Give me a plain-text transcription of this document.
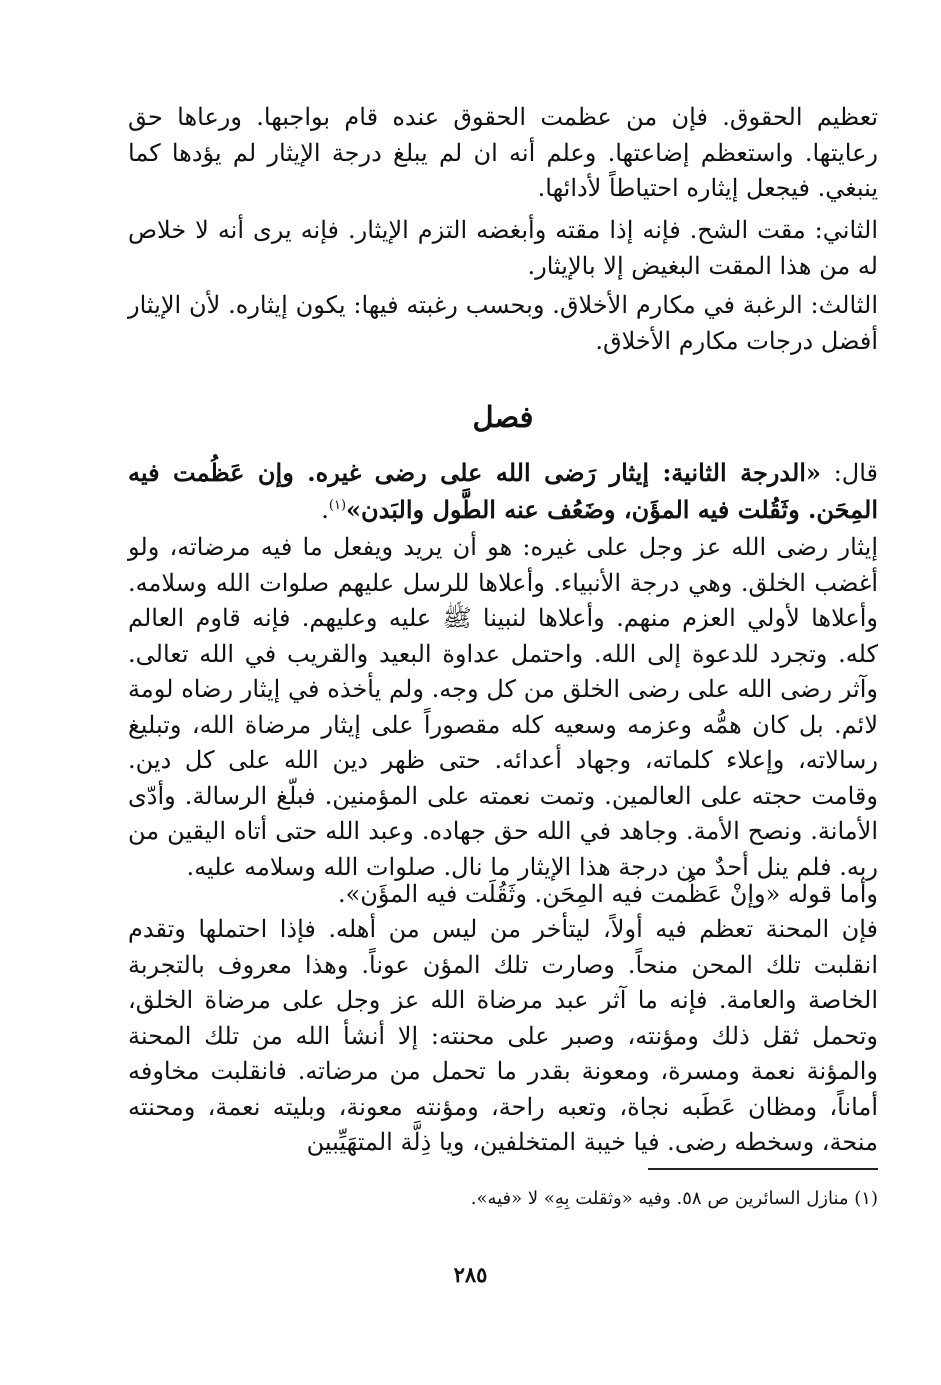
تعظيم الحقوق. فإن من عظمت الحقوق عنده قام بواجبها. ورعاها حق رعايتها. واستعظم إضاعتها. وعلم أنه ان لم يبلغ درجة الإيثار لم يؤدها كما ينبغي. فيجعل إيثاره احتياطاً لأدائها.

الثاني: مقت الشح. فإنه إذا مقته وأبغضه التزم الإيثار. فإنه يرى أنه لا خلاص له من هذا المقت البغيض إلا بالإيثار.

الثالث: الرغبة في مكارم الأخلاق. وبحسب رغبته فيها: يكون إيثاره. لأن الإيثار أفضل درجات مكارم الأخلاق.

فصل

قال: «الدرجة الثانية: إيثار رَضى الله على رضى غيره. وإن عَظُمت فيه المِحَن. وثَقُلت فيه المؤَن، وضَعُف عنه الطَّول والبَدن»$^{(١)}$.

إيثار رضى الله عز وجل على غيره: هو أن يريد ويفعل ما فيه مرضاته، ولو أغضب الخلق. وهي درجة الأنبياء. وأعلاها للرسل عليهم صلوات الله وسلامه. وأعلاها لأولي العزم منهم. وأعلاها لنبينا ﷺ عليه وعليهم. فإنه قاوم العالم كله. وتجرد للدعوة إلى الله. واحتمل عداوة البعيد والقريب في الله تعالى. وآثر رضى الله على رضى الخلق من كل وجه. ولم يأخذه في إيثار رضاه لومة لائم. بل كان همُّه وعزمه وسعيه كله مقصوراً على إيثار مرضاة الله، وتبليغ رسالاته، وإعلاء كلماته، وجهاد أعدائه. حتى ظهر دين الله على كل دين. وقامت حجته على العالمين. وتمت نعمته على المؤمنين. فبلّغ الرسالة. وأدّى الأمانة. ونصح الأمة. وجاهد في الله حق جهاده. وعبد الله حتى أتاه اليقين من ربه. فلم ينل أحدٌ من درجة هذا الإيثار ما نال. صلوات الله وسلامه عليه.

وأما قوله «وإنْ عَظُمت فيه المِحَن. وثَقُلَت فيه المؤَن».

فإن المحنة تعظم فيه أولاً، ليتأخر من ليس من أهله. فإذا احتملها وتقدم انقلبت تلك المحن منحاً. وصارت تلك المؤن عوناً. وهذا معروف بالتجربة الخاصة والعامة. فإنه ما آثر عبد مرضاة الله عز وجل على مرضاة الخلق، وتحمل ثقل ذلك ومؤنته، وصبر على محنته: إلا أنشأ الله من تلك المحنة والمؤنة نعمة ومسرة، ومعونة بقدر ما تحمل من مرضاته. فانقلبت مخاوفه أماناً، ومظان عَطَبه نجاة، وتعبه راحة، ومؤنته معونة، وبليته نعمة، ومحنته منحة، وسخطه رضى. فيا خيبة المتخلفين، ويا ذِلَّة المتهَيِّبين

(١) منازل السائرين ص ٥٨. وفيه «وثقلت بِهِ» لا «فيه».
٢٨٥
